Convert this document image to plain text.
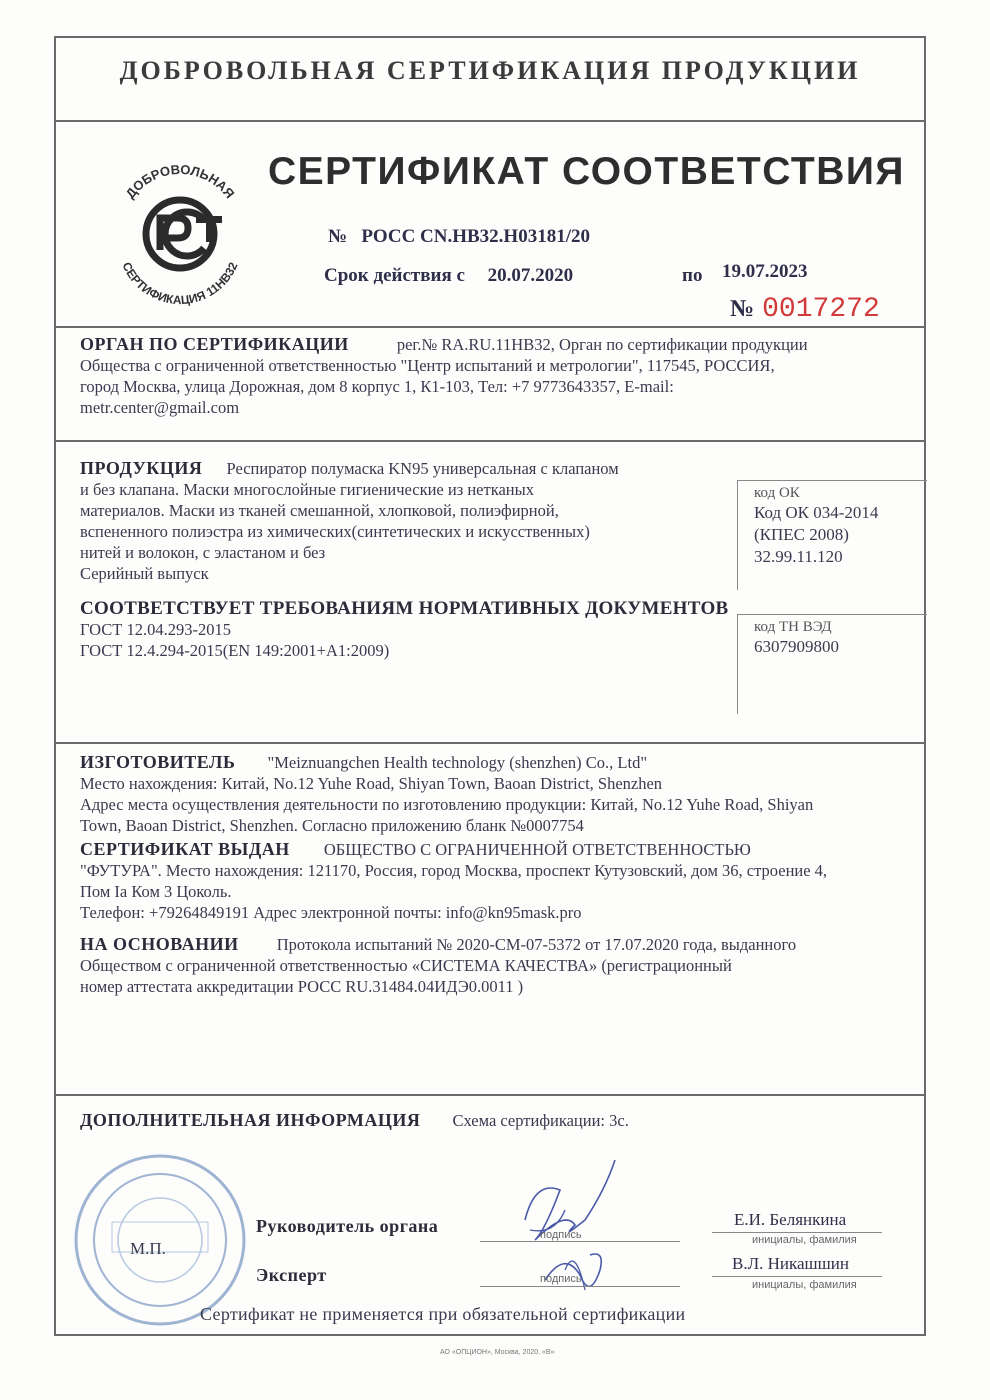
ДОБРОВОЛЬНАЯ СЕРТИФИКАЦИЯ ПРОДУКЦИИ
ДОБРОВОЛЬНАЯ
СЕРТИФИКАЦИЯ 11НВ32
СЕРТИФИКАТ СООТВЕТСТВИЯ
№ РОСС CN.НВ32.Н03181/20
Срок действия с 20.07.2020	по 19.07.2023
№ 0017272
ОРГАН ПО СЕРТИФИКАЦИИ	рег.№ RA.RU.11НВ32, Орган по сертификации продукции
Общества с ограниченной ответственностью "Центр испытаний и метрологии", 117545, РОССИЯ,
город Москва, улица Дорожная, дом 8 корпус 1, К1-103, Тел: +7 9773643357, E-mail:
metr.center@gmail.com
ПРОДУКЦИЯ Респиратор полумаска KN95 универсальная с клапаном
и без клапана. Маски многослойные гигиенические из нетканых
материалов. Маски из тканей смешанной, хлопковой, полиэфирной,
вспененного полиэстра из химических(синтетических и искусственных)
нитей и волокон, с эластаном и без
Серийный выпуск
код ОК
Код ОК 034-2014
(КПЕС 2008)
32.99.11.120
СООТВЕТСТВУЕТ ТРЕБОВАНИЯМ НОРМАТИВНЫХ ДОКУМЕНТОВ
ГОСТ 12.04.293-2015
ГОСТ 12.4.294-2015(EN 149:2001+A1:2009)
код ТН ВЭД
6307909800
ИЗГОТОВИТЕЛЬ "Meiznuangchen Health technology (shenzhen) Co., Ltd"
Место нахождения: Китай, No.12 Yuhe Road, Shiyan Town, Baoan District, Shenzhen
Адрес места осуществления деятельности по изготовлению продукции: Китай, No.12 Yuhe Road, Shiyan
Town, Baoan District, Shenzhen. Согласно приложению бланк №0007754
СЕРТИФИКАТ ВЫДАН ОБЩЕСТВО С ОГРАНИЧЕННОЙ ОТВЕТСТВЕННОСТЬЮ
"ФУТУРА". Место нахождения: 121170, Россия, город Москва, проспект Кутузовский, дом 36, строение 4,
Пом Iа Ком 3 Цоколь.
Телефон: +79264849191 Адрес электронной почты: info@kn95mask.pro
НА ОСНОВАНИИ Протокола испытаний № 2020-СМ-07-5372 от 17.07.2020 года, выданного
Обществом с ограниченной ответственностью «СИСТЕМА КАЧЕСТВА» (регистрационный
номер аттестата аккредитации РОСС RU.31484.04ИДЭ0.0011 )
ДОПОЛНИТЕЛЬНАЯ ИНФОРМАЦИЯ Схема сертификации: 3с.
М.П.
Руководитель органа	подпись
Е.И. Белянкина
инициалы, фамилия
Эксперт	подпись
В.Л. Никашшин
инициалы, фамилия
Сертификат не применяется при обязательной сертификации
АО «ОПЦИОН», Москва, 2020, «В»
